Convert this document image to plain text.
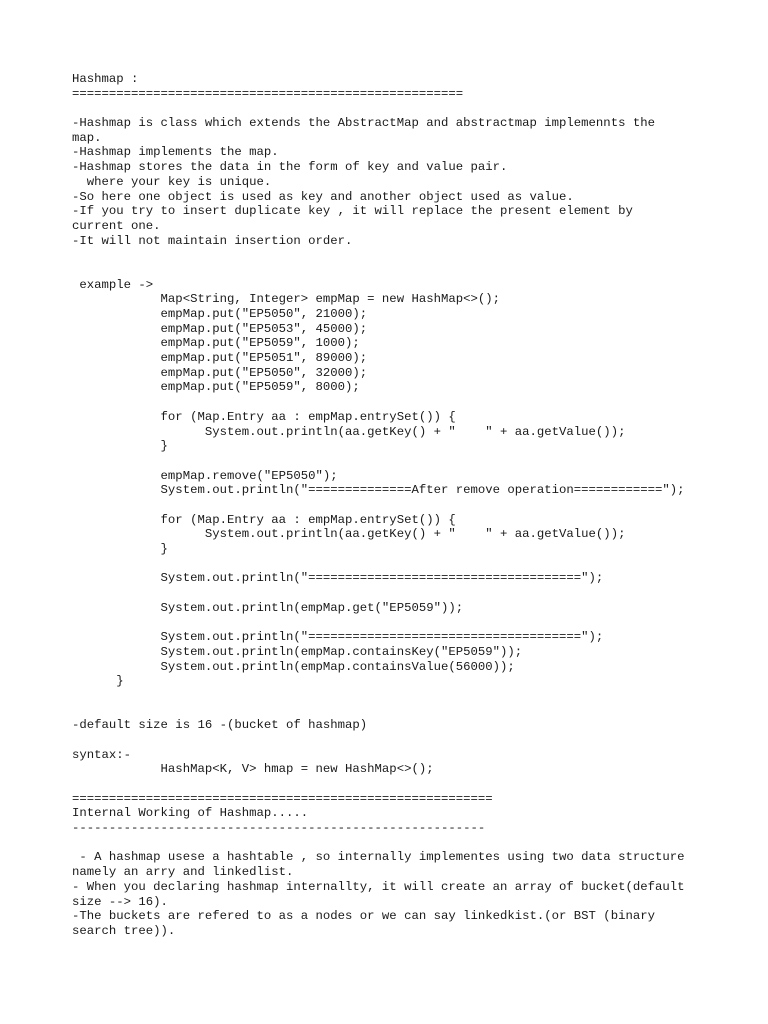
Hashmap :
=====================================================
-Hashmap is class which extends the AbstractMap and abstractmap implemennts the
map.
-Hashmap implements the map.
-Hashmap stores the data in the form of key and value pair.
where your key is unique.
-So here one object is used as key and another object used as value.
-If you try to insert duplicate key , it will replace the present element by
current one.
-It will not maintain insertion order.
example ->
Map<String, Integer> empMap = new HashMap<>();
empMap.put("EP5050", 21000);
empMap.put("EP5053", 45000);
empMap.put("EP5059", 1000);
empMap.put("EP5051", 89000);
empMap.put("EP5050", 32000);
empMap.put("EP5059", 8000);
for (Map.Entry aa : empMap.entrySet()) {
System.out.println(aa.getKey() + "    " + aa.getValue());
}
empMap.remove("EP5050");
System.out.println("==============After remove operation============");
for (Map.Entry aa : empMap.entrySet()) {
System.out.println(aa.getKey() + "    " + aa.getValue());
}
System.out.println("=====================================");
System.out.println(empMap.get("EP5059"));
System.out.println("=====================================");
System.out.println(empMap.containsKey("EP5059"));
System.out.println(empMap.containsValue(56000));
}
-default size is 16 -(bucket of hashmap)
syntax:-
HashMap<K, V> hmap = new HashMap<>();
=========================================================
Internal Working of Hashmap.....
--------------------------------------------------------
- A hashmap usese a hashtable , so internally implementes using two data structure
namely an arry and linkedlist.
- When you declaring hashmap internallty, it will create an array of bucket(default
size --> 16).
-The buckets are refered to as a nodes or we can say linkedkist.(or BST (binary
search tree)).
